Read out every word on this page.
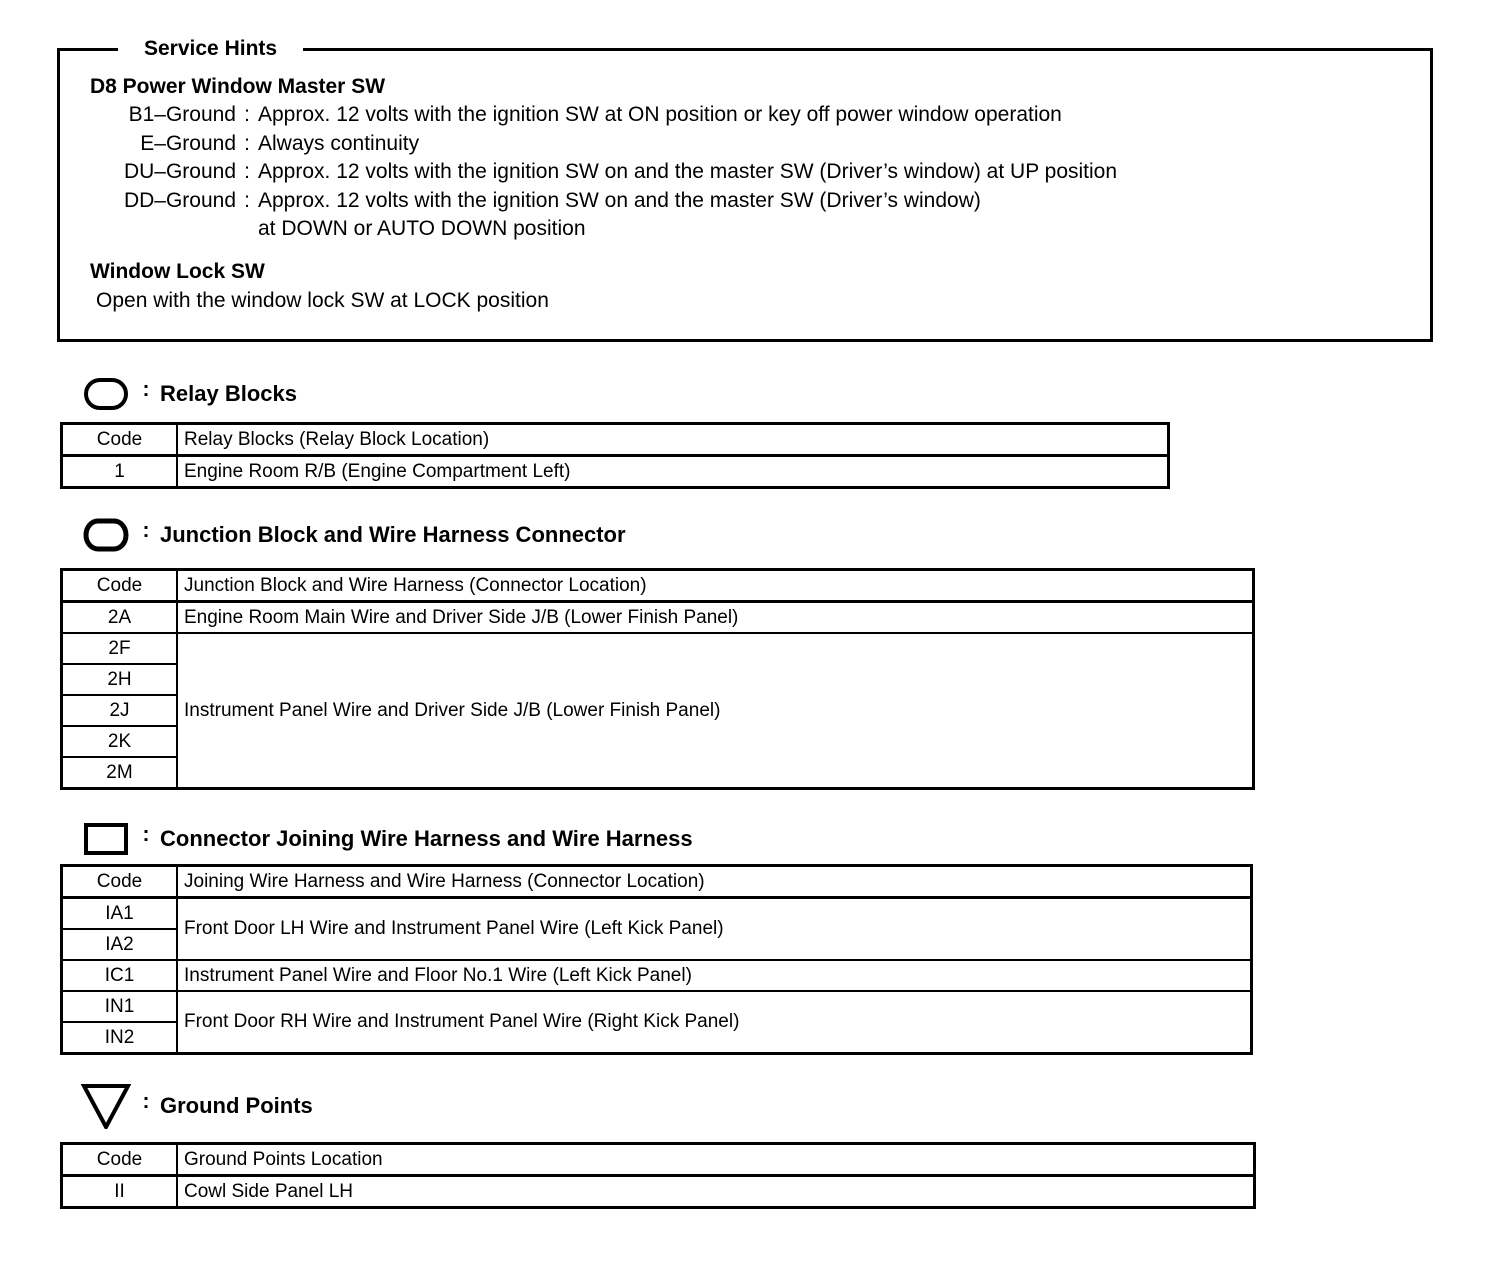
Service Hints
D8 Power Window Master SW
B1–Ground : Approx. 12 volts with the ignition SW at ON position or key off power window operation
E–Ground : Always continuity
DU–Ground : Approx. 12 volts with the ignition SW on and the master SW (Driver’s window) at UP position
DD–Ground : Approx. 12 volts with the ignition SW on and the master SW (Driver’s window)
at DOWN or AUTO DOWN position
Window Lock SW
Open with the window lock SW at LOCK position
: Relay Blocks
Code	Relay Blocks (Relay Block Location)
1	Engine Room R/B (Engine Compartment Left)
: Junction Block and Wire Harness Connector
Code	Junction Block and Wire Harness (Connector Location)
2A	Engine Room Main Wire and Driver Side J/B (Lower Finish Panel)
2F	Instrument Panel Wire and Driver Side J/B (Lower Finish Panel)
2H	
2J	
2K	
2M	
: Connector Joining Wire Harness and Wire Harness
Code	Joining Wire Harness and Wire Harness (Connector Location)
IA1	Front Door LH Wire and Instrument Panel Wire (Left Kick Panel)
IA2	
IC1	Instrument Panel Wire and Floor No.1 Wire (Left Kick Panel)
IN1	Front Door RH Wire and Instrument Panel Wire (Right Kick Panel)
IN2	
: Ground Points
Code	Ground Points Location
II	Cowl Side Panel LH
